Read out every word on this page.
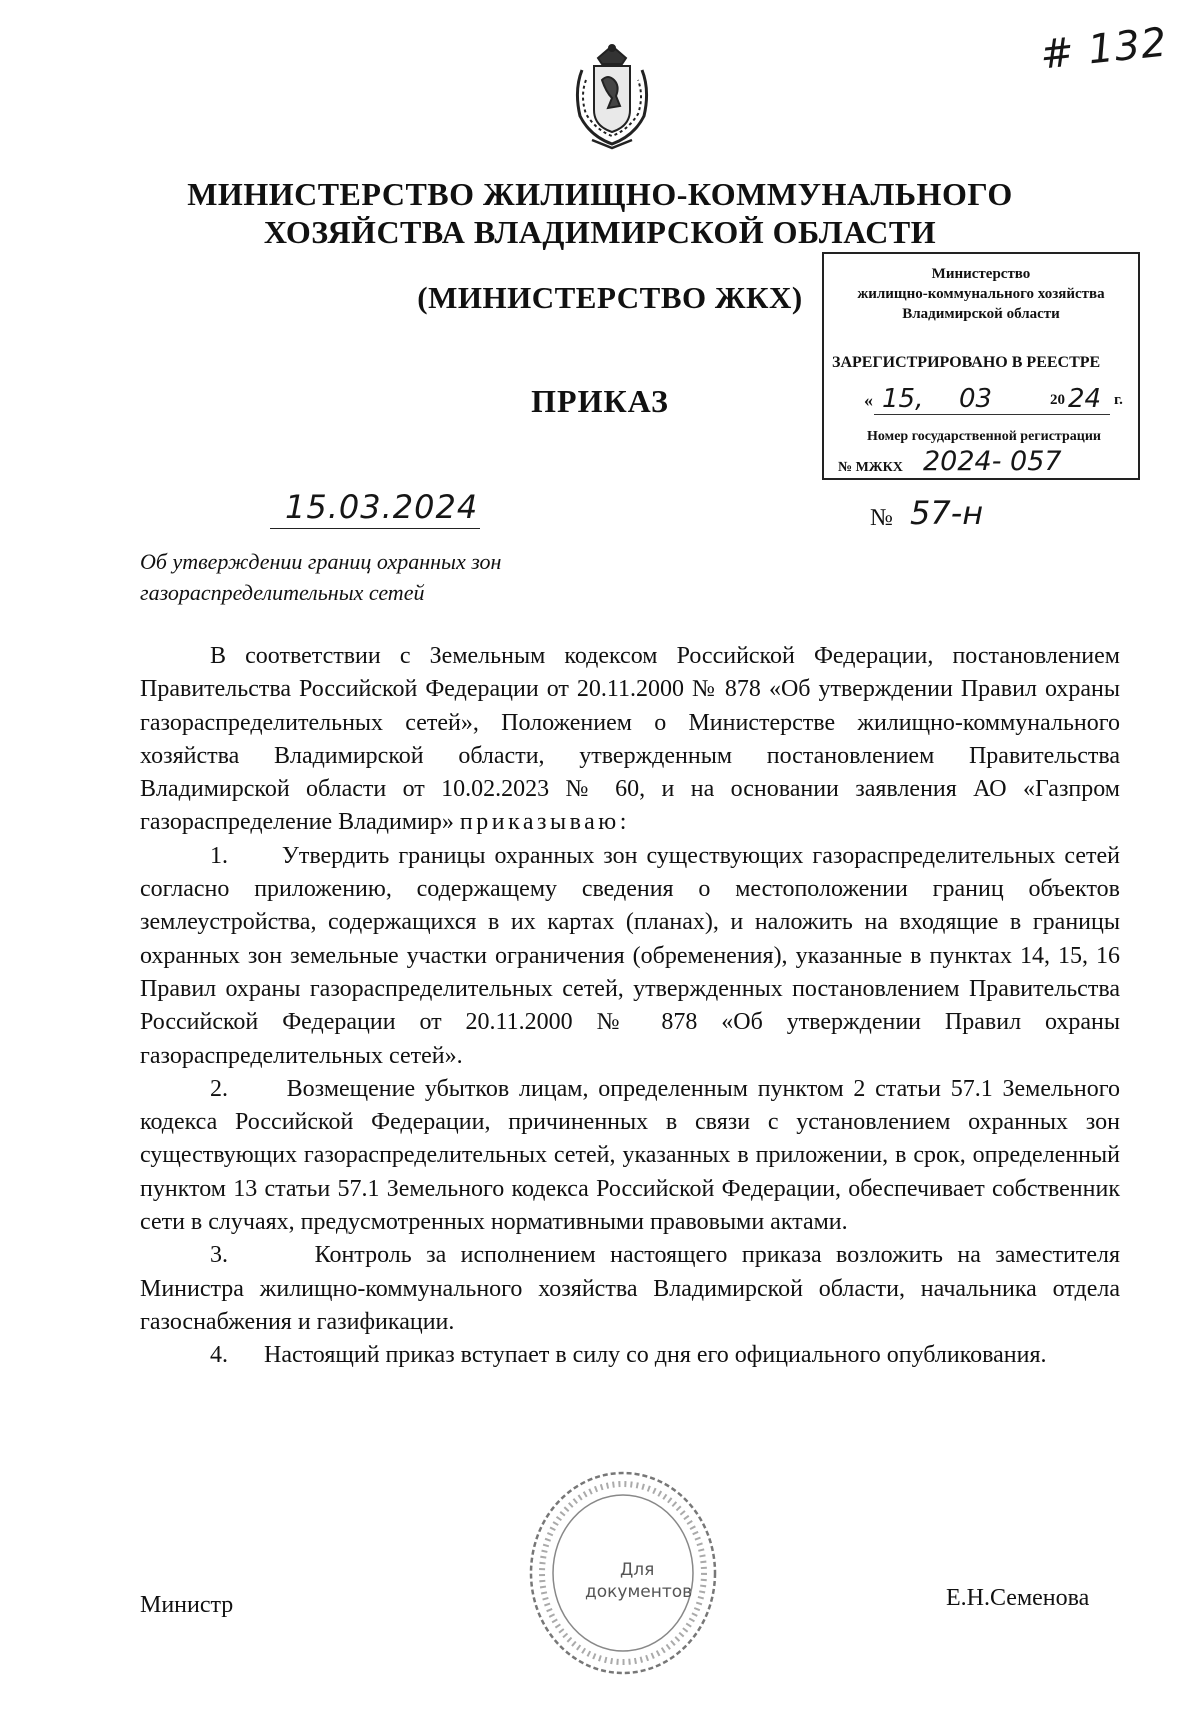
# 132
МИНИСТЕРСТВО ЖИЛИЩНО-КОММУНАЛЬНОГО
ХОЗЯЙСТВА ВЛАДИМИРСКОЙ ОБЛАСТИ
(МИНИСТЕРСТВО ЖКХ)
ПРИКАЗ
Министерство
жилищно-коммунального хозяйства
Владимирской области
ЗАРЕГИСТРИРОВАНО В РЕЕСТРЕ
« 15, 03	20 24 г.
Номер государственной регистрации
№ МЖКХ 2024- 057
15.03.2024	№ 57-н
Об утверждении границ охранных зон
газораспределительных сетей

В соответствии с Земельным кодексом Российской Федерации, постановлением Правительства Российской Федерации от 20.11.2000 № 878 «Об утверждении Правил охраны газораспределительных сетей», Положением о Министерстве жилищно-коммунального хозяйства Владимирской области, утвержденным постановлением Правительства Владимирской области от 10.02.2023 № 60, и на основании заявления АО «Газпром газораспределение Владимир» приказываю:

1. Утвердить границы охранных зон существующих газораспределительных сетей согласно приложению, содержащему сведения о местоположении границ объектов землеустройства, содержащихся в их картах (планах), и наложить на входящие в границы охранных зон земельные участки ограничения (обременения), указанные в пунктах 14, 15, 16 Правил охраны газораспределительных сетей, утвержденных постановлением Правительства Российской Федерации от 20.11.2000 № 878 «Об утверждении Правил охраны газораспределительных сетей».

2. Возмещение убытков лицам, определенным пунктом 2 статьи 57.1 Земельного кодекса Российской Федерации, причиненных в связи с установлением охранных зон существующих газораспределительных сетей, указанных в приложении, в срок, определенный пунктом 13 статьи 57.1 Земельного кодекса Российской Федерации, обеспечивает собственник сети в случаях, предусмотренных нормативными правовыми актами.

3.	Контроль за исполнением настоящего приказа возложить на заместителя Министра жилищно-коммунального хозяйства Владимирской области, начальника отдела газоснабжения и газификации.

4. Настоящий приказ вступает в силу со дня его официального опубликования.

Для
документов
Министр	Е.Н.Семенова
